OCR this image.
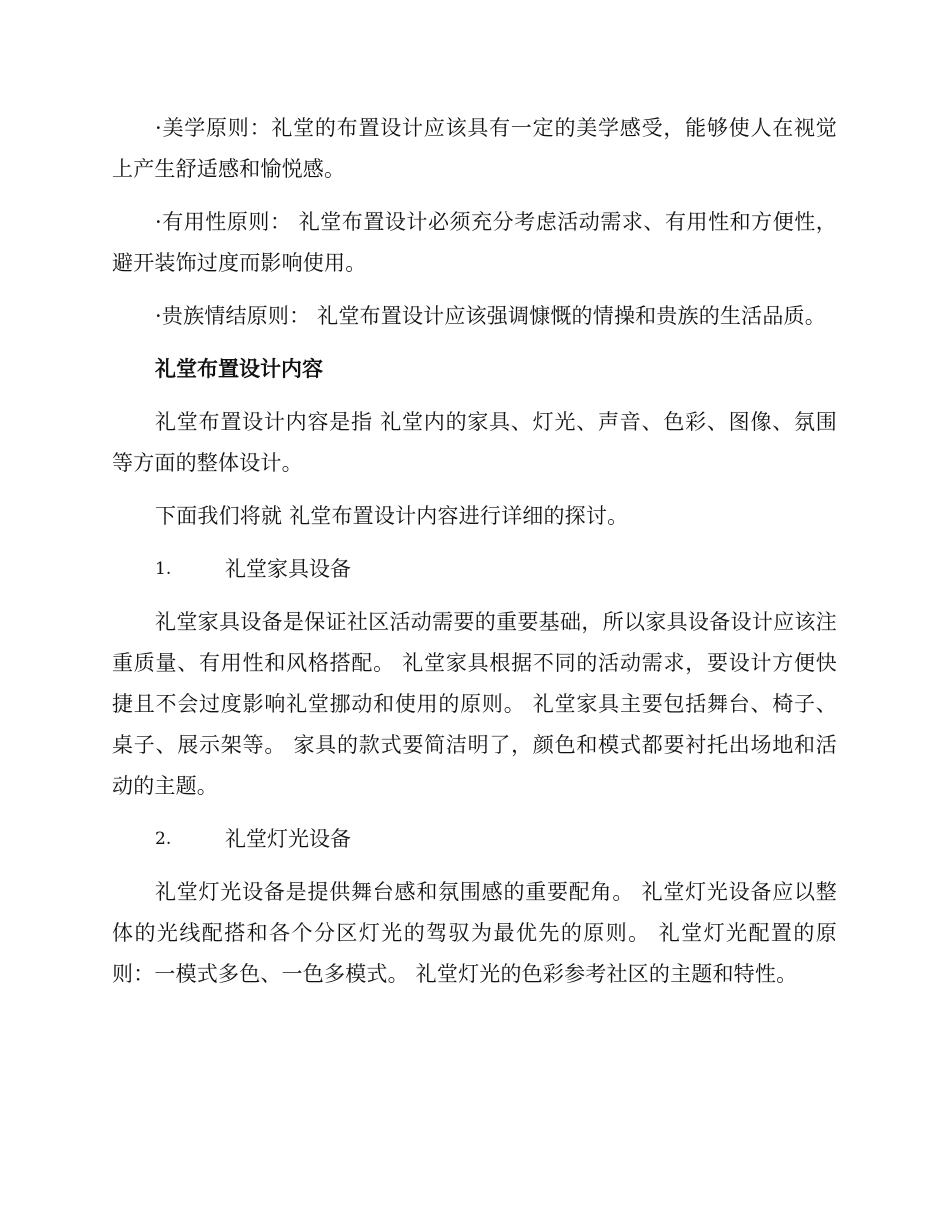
·美学原则：礼堂的布置设计应该具有一定的美学感受，能够使人在视觉上产生舒适感和愉悦感。

·有用性原则： 礼堂布置设计必须充分考虑活动需求、有用性和方便性，避开装饰过度而影响使用。

·贵族情结原则： 礼堂布置设计应该强调慷慨的情操和贵族的生活品质。

礼堂布置设计内容

礼堂布置设计内容是指 礼堂内的家具、灯光、声音、色彩、图像、氛围等方面的整体设计。

下面我们将就 礼堂布置设计内容进行详细的探讨。

1.	礼堂家具设备

礼堂家具设备是保证社区活动需要的重要基础，所以家具设备设计应该注重质量、有用性和风格搭配。 礼堂家具根据不同的活动需求，要设计方便快捷且不会过度影响礼堂挪动和使用的原则。 礼堂家具主要包括舞台、椅子、桌子、展示架等。 家具的款式要简洁明了，颜色和模式都要衬托出场地和活动的主题。

2.	礼堂灯光设备

礼堂灯光设备是提供舞台感和氛围感的重要配角。 礼堂灯光设备应以整体的光线配搭和各个分区灯光的驾驭为最优先的原则。 礼堂灯光配置的原则：一模式多色、一色多模式。 礼堂灯光的色彩参考社区的主题和特性。
